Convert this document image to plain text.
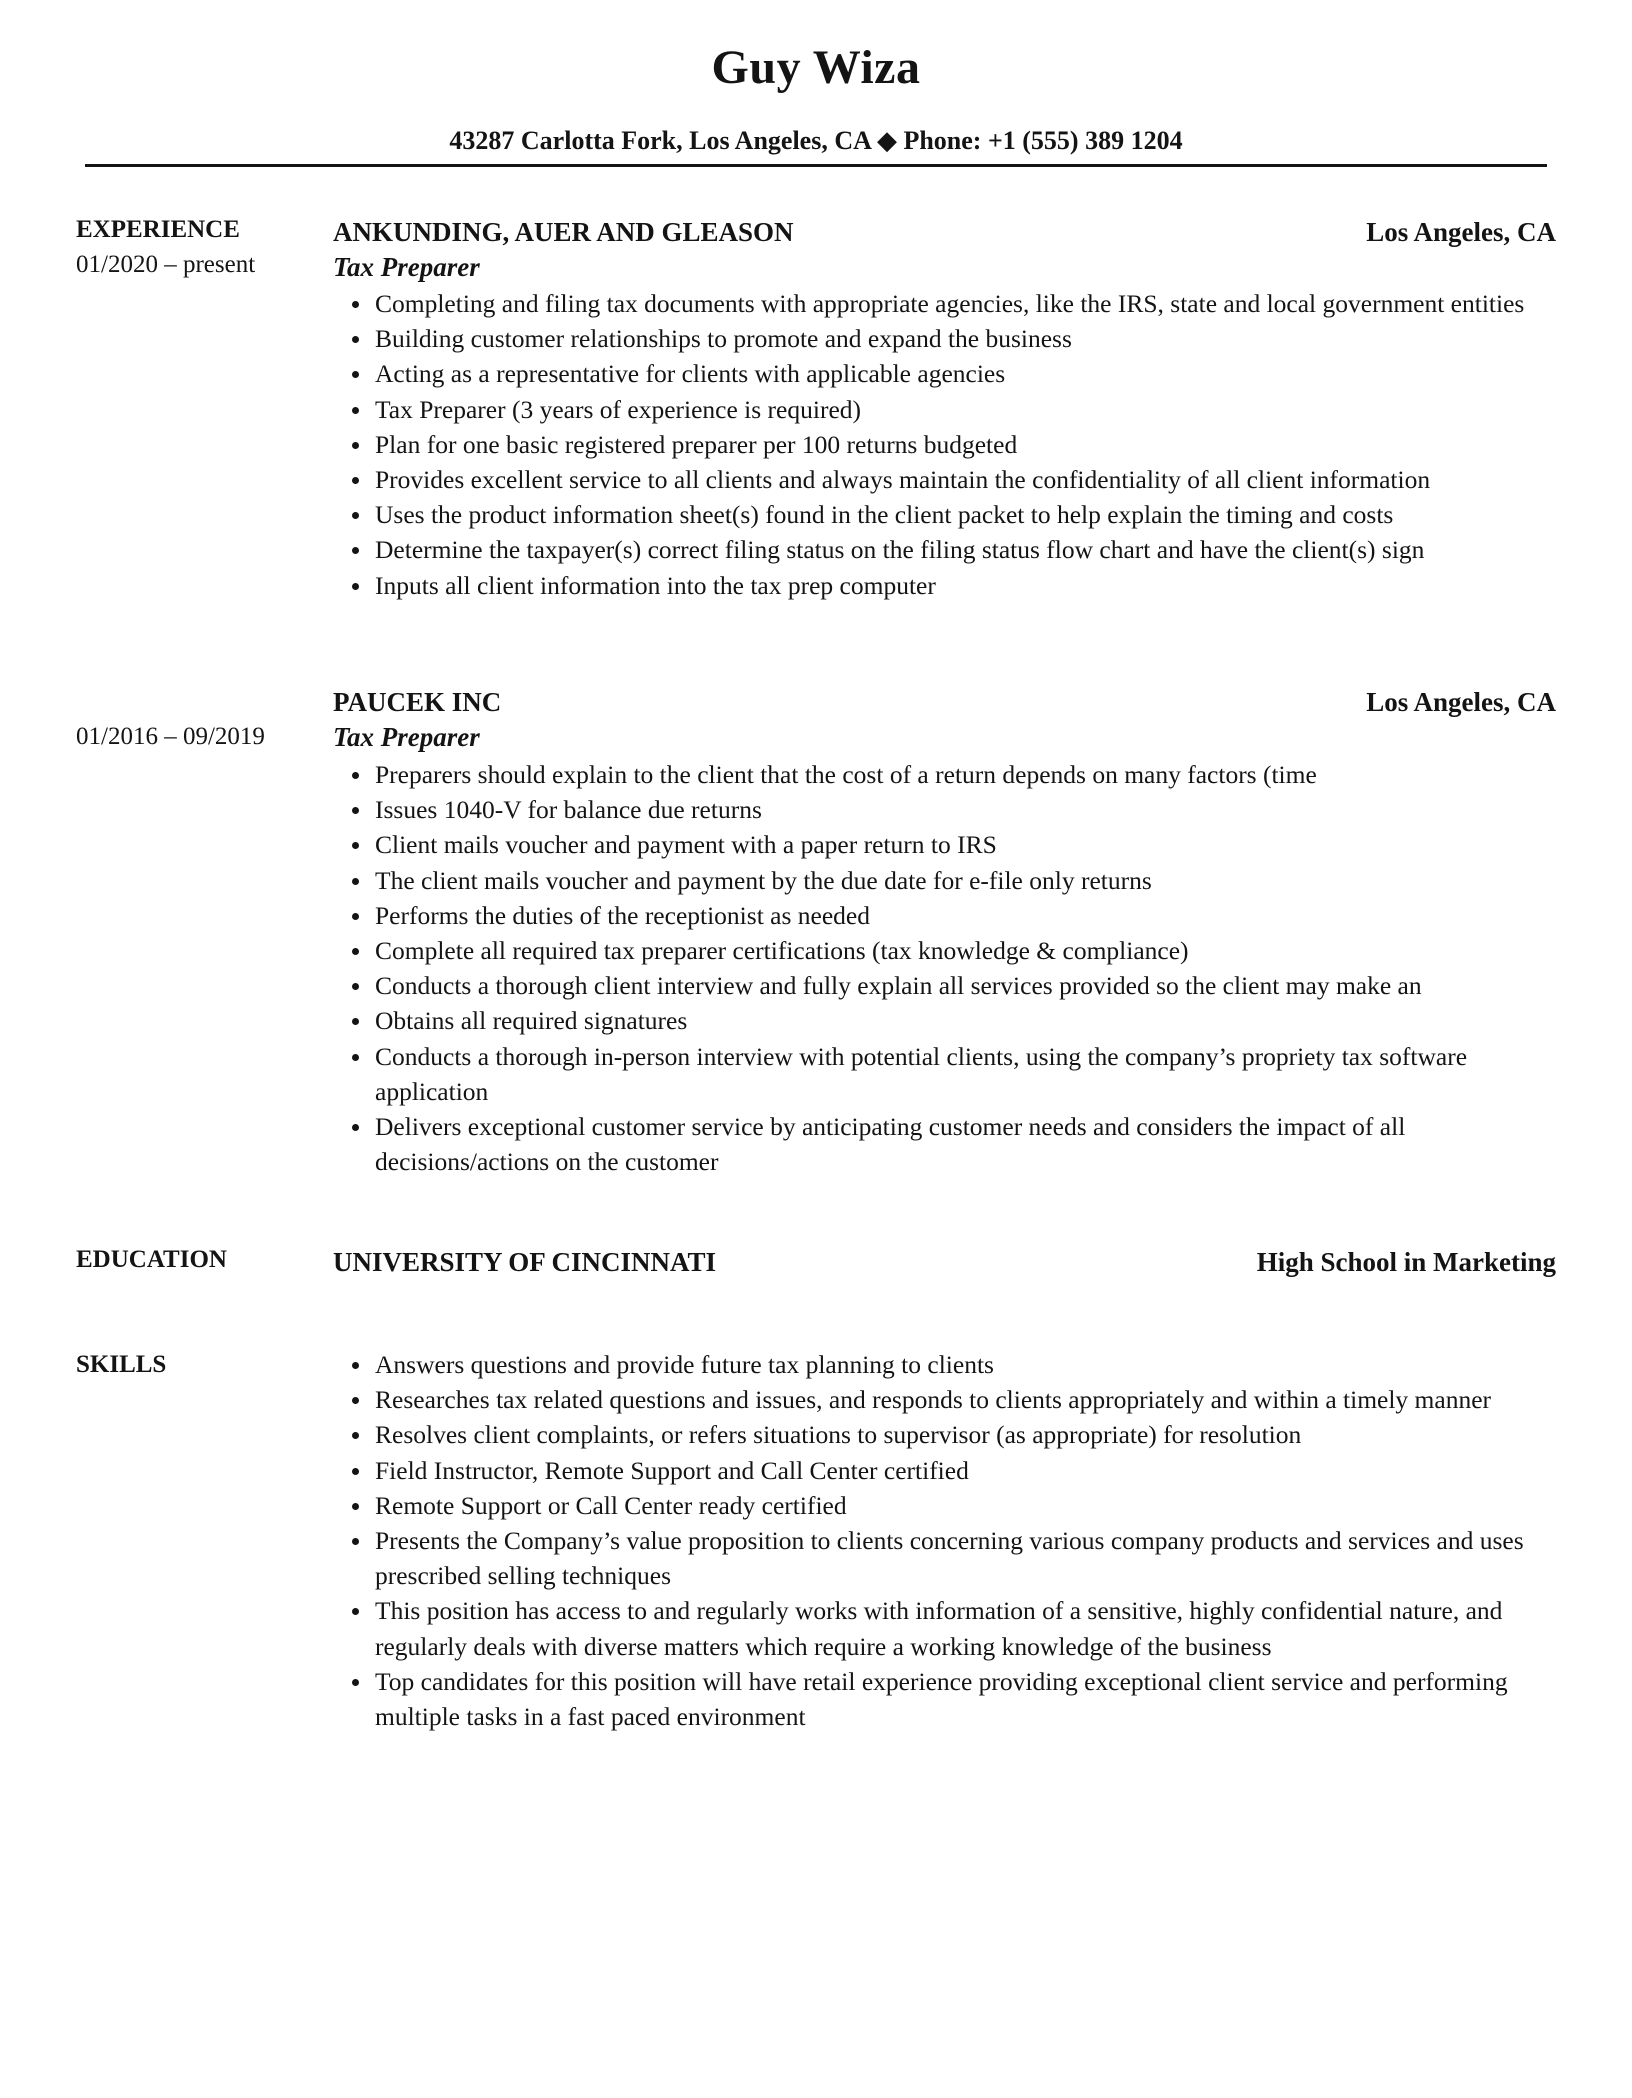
Guy Wiza
43287 Carlotta Fork, Los Angeles, CA ◆ Phone: +1 (555) 389 1204
EXPERIENCE
01/2020 – present
ANKUNDING, AUER AND GLEASON	Los Angeles, CA
Tax Preparer
Completing and filing tax documents with appropriate agencies, like the IRS, state and local government entities
Building customer relationships to promote and expand the business
Acting as a representative for clients with applicable agencies
Tax Preparer (3 years of experience is required)
Plan for one basic registered preparer per 100 returns budgeted
Provides excellent service to all clients and always maintain the confidentiality of all client information
Uses the product information sheet(s) found in the client packet to help explain the timing and costs
Determine the taxpayer(s) correct filing status on the filing status flow chart and have the client(s) sign
Inputs all client information into the tax prep computer
01/2016 – 09/2019
PAUCEK INC	Los Angeles, CA
Tax Preparer
Preparers should explain to the client that the cost of a return depends on many factors (time
Issues 1040-V for balance due returns
Client mails voucher and payment with a paper return to IRS
The client mails voucher and payment by the due date for e-file only returns
Performs the duties of the receptionist as needed
Complete all required tax preparer certifications (tax knowledge & compliance)
Conducts a thorough client interview and fully explain all services provided so the client may make an
Obtains all required signatures
Conducts a thorough in-person interview with potential clients, using the company’s propriety tax software application
Delivers exceptional customer service by anticipating customer needs and considers the impact of all decisions/actions on the customer
EDUCATION	UNIVERSITY OF CINCINNATI	High School in Marketing
SKILLS	Answers questions and provide future tax planning to clients
Researches tax related questions and issues, and responds to clients appropriately and within a timely manner
Resolves client complaints, or refers situations to supervisor (as appropriate) for resolution
Field Instructor, Remote Support and Call Center certified
Remote Support or Call Center ready certified
Presents the Company’s value proposition to clients concerning various company products and services and uses prescribed selling techniques
This position has access to and regularly works with information of a sensitive, highly confidential nature, and regularly deals with diverse matters which require a working knowledge of the business
Top candidates for this position will have retail experience providing exceptional client service and performing multiple tasks in a fast paced environment
